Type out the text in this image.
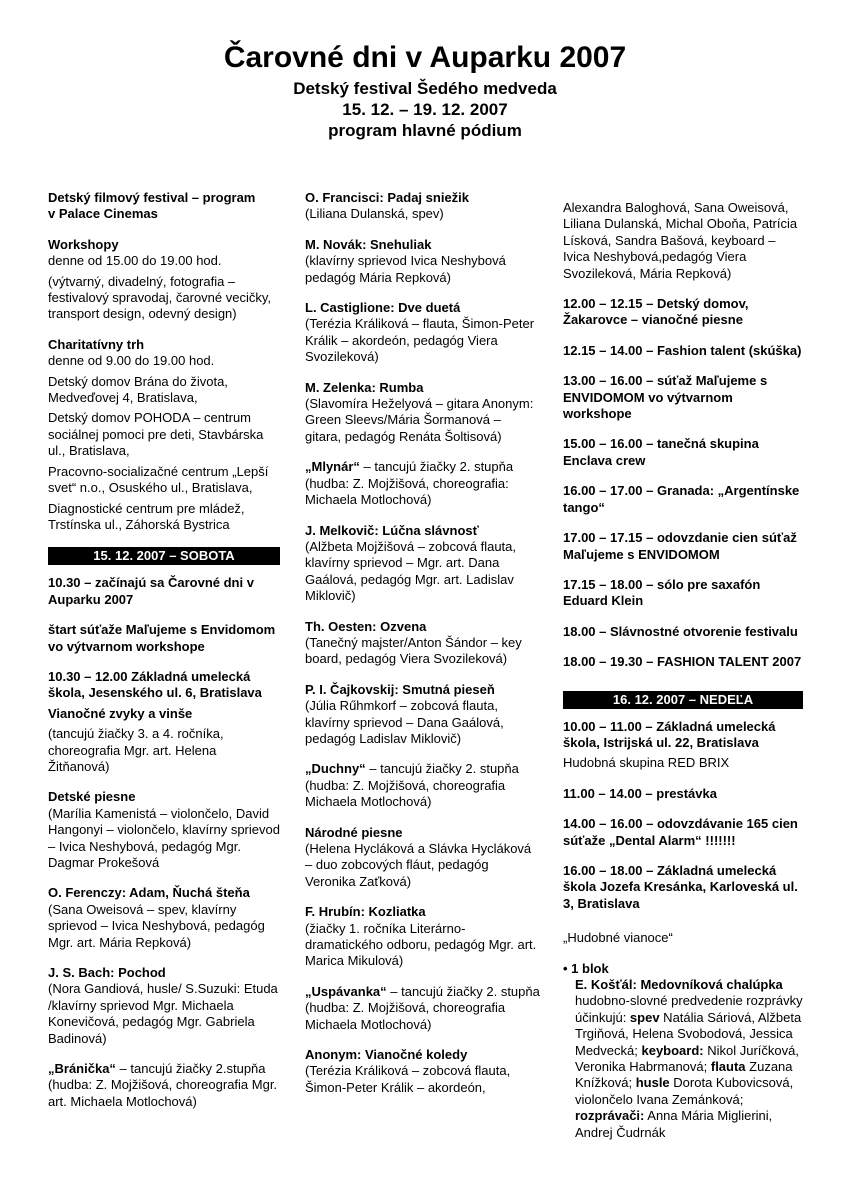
Čarovné dni v Auparku 2007
Detský festival Šedého medveda
15. 12. – 19. 12. 2007
program hlavné pódium
Detský filmový festival – program
v Palace Cinemas
Workshopy

denne od 15.00 do 19.00 hod.

(výtvarný, divadelný, fotografia – festivalový spravodaj, čarovné vecičky, transport design, odevný design)
Charitatívny trh

denne od 9.00 do 19.00 hod.

Detský domov Brána do života, Medveďovej 4, Bratislava,

Detský domov POHODA – centrum sociálnej pomoci pre deti, Stavbárska ul., Bratislava,

Pracovno-socializačné centrum „Lepší svet“ n.o., Osuského ul., Bratislava,

Diagnostické centrum pre mládež, Trstínska ul., Záhorská Bystrica

15. 12. 2007 – SOBOTA

10.30 – začínajú sa Čarovné dni v Auparku 2007

štart súťaže Maľujeme s Envidomom vo výtvarnom workshope

10.30 – 12.00 Základná umelecká škola, Jesenského ul. 6, Bratislava

Vianočné zvyky a vinše

(tancujú žiačky 3. a 4. ročníka, choreografia Mgr. art. Helena Žitňanová)
Detské piesne
(Marília Kamenistá – violončelo, David Hangonyi – violončelo, klavírny sprievod – Ivica Neshybová, pedagóg Mgr. Dagmar Prokešová
O. Ferenczy: Adam, Ňuchá šteňa
(Sana Oweisová – spev, klavírny sprievod – Ivica Neshybová, pedagóg Mgr. art. Mária Repková)
J. S. Bach: Pochod
(Nora Gandiová, husle/ S.Suzuki: Etuda /klavírny sprievod Mgr. Michaela Konevičová, pedagóg Mgr. Gabriela Badinová)
„Bránička“ – tancujú žiačky 2.stupňa (hudba: Z. Mojžišová, choreografia Mgr. art. Michaela Motlochová)
O. Francisci: Padaj sniežik
(Liliana Dulanská, spev)
M. Novák: Snehuliak
(klavírny sprievod Ivica Neshybová pedagóg Mária Repková)
L. Castiglione: Dve duetá
(Terézia Králiková – flauta, Šimon-Peter Králik – akordeón, pedagóg Viera Svozileková)
M. Zelenka: Rumba
(Slavomíra Heželyová – gitara Anonym: Green Sleevs/Mária Šormanová – gitara, pedagóg Renáta Šoltisová)
„Mlynár“ – tancujú žiačky 2. stupňa (hudba: Z. Mojžišová, choreografia: Michaela Motlochová)
J. Melkovič: Lúčna slávnosť
(Alžbeta Mojžišová – zobcová flauta, klavírny sprievod – Mgr. art. Dana Gaálová, pedagóg Mgr. art. Ladislav Miklovič)
Th. Oesten: Ozvena
(Tanečný majster/Anton Šándor – key board, pedagóg Viera Svozileková)
P. I. Čajkovskij: Smutná pieseň
(Júlia Rűhmkorf – zobcová flauta, klavírny sprievod – Dana Gaálová, pedagóg Ladislav Miklovič)
„Duchny“ – tancujú žiačky 2. stupňa (hudba: Z. Mojžišová, choreografia Michaela Motlochová)
Národné piesne
(Helena Hycláková a Slávka Hycláková – duo zobcových fláut, pedagóg Veronika Zaťková)
F. Hrubín: Kozliatka
(žiačky 1. ročníka Literárno-dramatického odboru, pedagóg Mgr. art. Marica Mikulová)
„Uspávanka“ – tancujú žiačky 2. stupňa (hudba: Z. Mojžišová, choreografia Michaela Motlochová)
Anonym: Vianočné koledy
(Terézia Králiková – zobcová flauta, Šimon-Peter Králik – akordeón,
Alexandra Baloghová, Sana Oweisová, Liliana Dulanská, Michal Oboňa, Patrícia Lísková, Sandra Bašová, keyboard – Ivica Neshybová,pedagóg Viera Svozileková, Mária Repková)
12.00 – 12.15 – Detský domov, Žakarovce – vianočné piesne
12.15 – 14.00 – Fashion talent (skúška)
13.00 – 16.00 – súťaž Maľujeme s ENVIDOMOM vo výtvarnom workshope
15.00 – 16.00 – tanečná skupina Enclava crew
16.00 – 17.00 – Granada: „Argentínske tango“
17.00 – 17.15 – odovzdanie cien súťaž Maľujeme s ENVIDOMOM
17.15 – 18.00 – sólo pre saxafón Eduard Klein
18.00 – Slávnostné otvorenie festivalu
18.00 – 19.30 – FASHION TALENT 2007
16. 12. 2007 – NEDEĽA

10.00 – 11.00 – Základná umelecká škola, Istrijská ul. 22, Bratislava

Hudobná skupina RED BRIX
11.00 – 14.00 – prestávka
14.00 – 16.00 – odovzdávanie 165 cien súťaže „Dental Alarm“ !!!!!!!
16.00 – 18.00 – Základná umelecká škola Jozefa Kresánka, Karloveská ul. 3, Bratislava
„Hudobné vianoce“
• 1 blok
E. Košťál: Medovníková chalúpka
hudobno-slovné predvedenie rozprávky účinkujú: spev Natália Sáriová, Alžbeta Trgiňová, Helena Svobodová, Jessica Medvecká; keyboard: Nikol Juríčková, Veronika Habrmanová; flauta Zuzana Knížková; husle Dorota Kubovicsová, violončelo Ivana Zemánková; rozprávači: Anna Mária Miglierini, Andrej Čudrnák
